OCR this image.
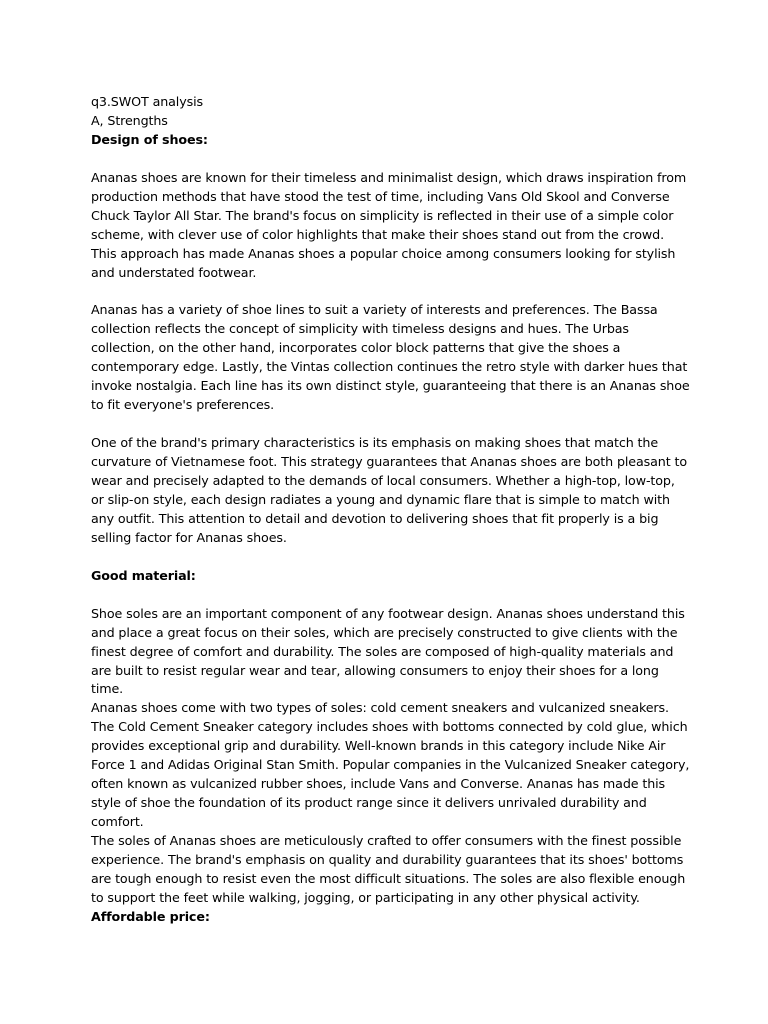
q3.SWOT analysis

A, Strengths

Design of shoes:

Ananas shoes are known for their timeless and minimalist design, which draws inspiration from production methods that have stood the test of time, including Vans Old Skool and Converse Chuck Taylor All Star. The brand's focus on simplicity is reflected in their use of a simple color scheme, with clever use of color highlights that make their shoes stand out from the crowd. This approach has made Ananas shoes a popular choice among consumers looking for stylish and understated footwear.

Ananas has a variety of shoe lines to suit a variety of interests and preferences. The Bassa collection reflects the concept of simplicity with timeless designs and hues. The Urbas collection, on the other hand, incorporates color block patterns that give the shoes a contemporary edge. Lastly, the Vintas collection continues the retro style with darker hues that invoke nostalgia. Each line has its own distinct style, guaranteeing that there is an Ananas shoe to fit everyone's preferences.

One of the brand's primary characteristics is its emphasis on making shoes that match the curvature of Vietnamese foot. This strategy guarantees that Ananas shoes are both pleasant to wear and precisely adapted to the demands of local consumers. Whether a high-top, low-top, or slip-on style, each design radiates a young and dynamic flare that is simple to match with any outfit. This attention to detail and devotion to delivering shoes that fit properly is a big selling factor for Ananas shoes.

Good material:

Shoe soles are an important component of any footwear design. Ananas shoes understand this and place a great focus on their soles, which are precisely constructed to give clients with the finest degree of comfort and durability. The soles are composed of high-quality materials and are built to resist regular wear and tear, allowing consumers to enjoy their shoes for a long time.

Ananas shoes come with two types of soles: cold cement sneakers and vulcanized sneakers. The Cold Cement Sneaker category includes shoes with bottoms connected by cold glue, which provides exceptional grip and durability. Well-known brands in this category include Nike Air Force 1 and Adidas Original Stan Smith. Popular companies in the Vulcanized Sneaker category, often known as vulcanized rubber shoes, include Vans and Converse. Ananas has made this style of shoe the foundation of its product range since it delivers unrivaled durability and comfort.

The soles of Ananas shoes are meticulously crafted to offer consumers with the finest possible experience. The brand's emphasis on quality and durability guarantees that its shoes' bottoms are tough enough to resist even the most difficult situations. The soles are also flexible enough to support the feet while walking, jogging, or participating in any other physical activity.

Affordable price:
